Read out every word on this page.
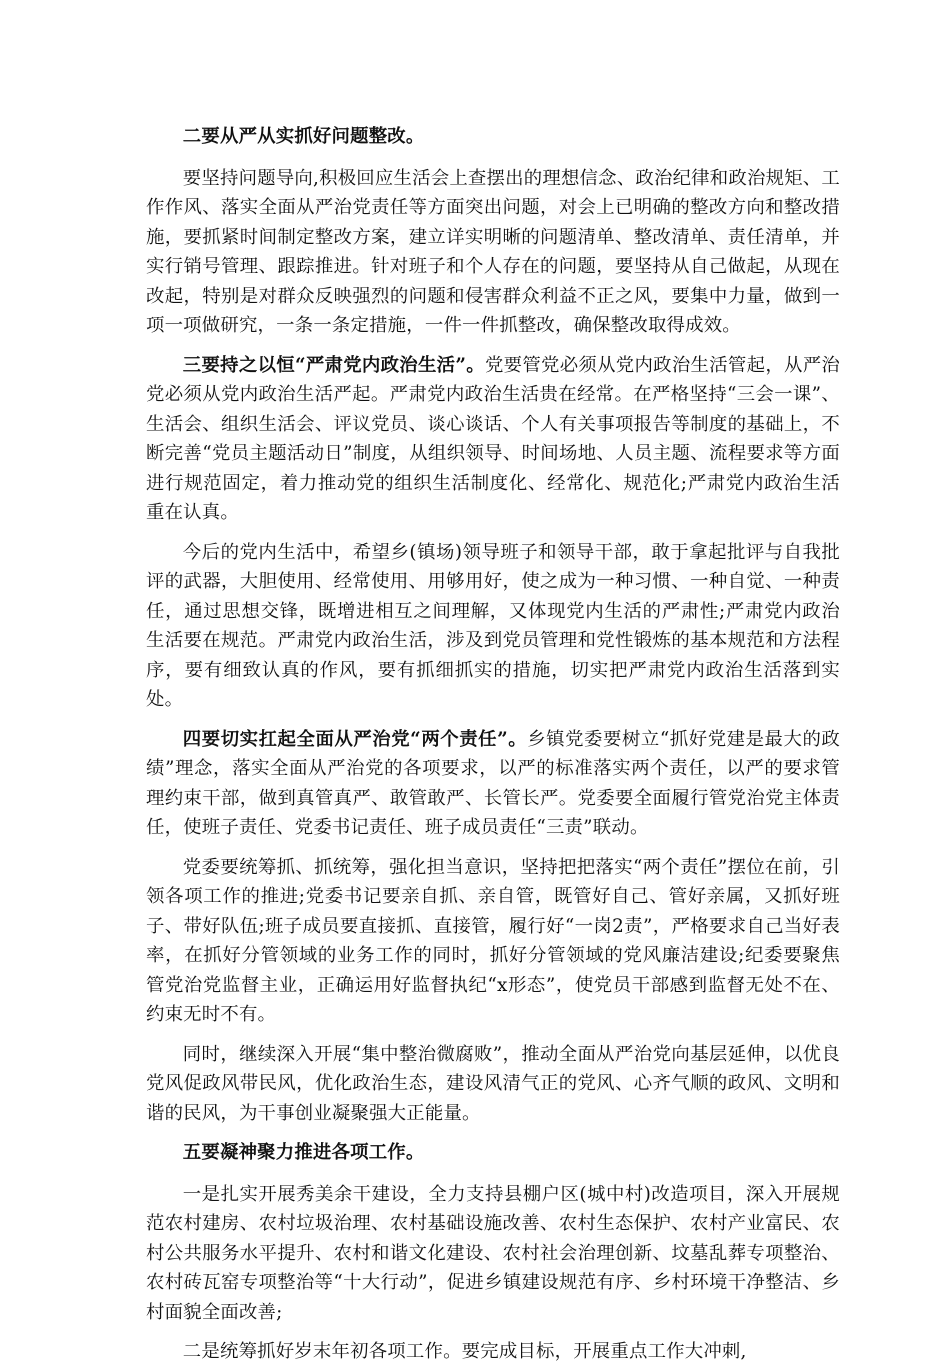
二要从严从实抓好问题整改。

要坚持问题导向,积极回应生活会上查摆出的理想信念、政治纪律和政治规矩、工作作风、落实全面从严治党责任等方面突出问题，对会上已明确的整改方向和整改措施，要抓紧时间制定整改方案，建立详实明晰的问题清单、整改清单、责任清单，并实行销号管理、跟踪推进。针对班子和个人存在的问题，要坚持从自己做起，从现在改起，特别是对群众反映强烈的问题和侵害群众利益不正之风，要集中力量，做到一项一项做研究，一条一条定措施，一件一件抓整改，确保整改取得成效。

三要持之以恒“严肃党内政治生活”。党要管党必须从党内政治生活管起，从严治党必须从党内政治生活严起。严肃党内政治生活贵在经常。在严格坚持“三会一课”、生活会、组织生活会、评议党员、谈心谈话、个人有关事项报告等制度的基础上，不断完善“党员主题活动日”制度，从组织领导、时间场地、人员主题、流程要求等方面进行规范固定，着力推动党的组织生活制度化、经常化、规范化;严肃党内政治生活重在认真。

今后的党内生活中，希望乡(镇场)领导班子和领导干部，敢于拿起批评与自我批评的武器，大胆使用、经常使用、用够用好，使之成为一种习惯、一种自觉、一种责任，通过思想交锋，既增进相互之间理解，又体现党内生活的严肃性;严肃党内政治生活要在规范。严肃党内政治生活，涉及到党员管理和党性锻炼的基本规范和方法程序，要有细致认真的作风，要有抓细抓实的措施，切实把严肃党内政治生活落到实处。

四要切实扛起全面从严治党“两个责任”。乡镇党委要树立“抓好党建是最大的政绩”理念，落实全面从严治党的各项要求，以严的标准落实两个责任，以严的要求管理约束干部，做到真管真严、敢管敢严、长管长严。党委要全面履行管党治党主体责任，使班子责任、党委书记责任、班子成员责任“三责”联动。

党委要统筹抓、抓统筹，强化担当意识，坚持把把落实“两个责任”摆位在前，引领各项工作的推进;党委书记要亲自抓、亲自管，既管好自己、管好亲属，又抓好班子、带好队伍;班子成员要直接抓、直接管，履行好“一岗2责”，严格要求自己当好表率，在抓好分管领域的业务工作的同时，抓好分管领域的党风廉洁建设;纪委要聚焦管党治党监督主业，正确运用好监督执纪“x形态”，使党员干部感到监督无处不在、约束无时不有。

同时，继续深入开展“集中整治微腐败”，推动全面从严治党向基层延伸，以优良党风促政风带民风，优化政治生态，建设风清气正的党风、心齐气顺的政风、文明和谐的民风，为干事创业凝聚强大正能量。

五要凝神聚力推进各项工作。

一是扎实开展秀美余干建设，全力支持县棚户区(城中村)改造项目，深入开展规范农村建房、农村垃圾治理、农村基础设施改善、农村生态保护、农村产业富民、农村公共服务水平提升、农村和谐文化建设、农村社会治理创新、坟墓乱葬专项整治、农村砖瓦窑专项整治等“十大行动”，促进乡镇建设规范有序、乡村环境干净整洁、乡村面貌全面改善;

二是统筹抓好岁末年初各项工作。要完成目标，开展重点工作大冲刺,
